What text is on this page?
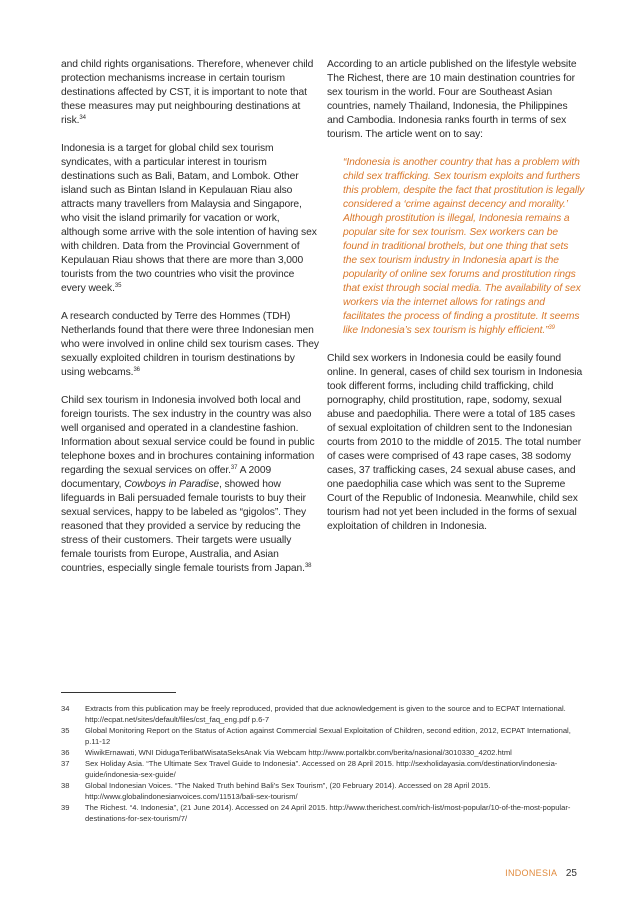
and child rights organisations. Therefore, whenever child protection mechanisms increase in certain tourism destinations affected by CST, it is important to note that these measures may put neighbouring destinations at risk.$^{34}$

Indonesia is a target for global child sex tourism syndicates, with a particular interest in tourism destinations such as Bali, Batam, and Lombok. Other island such as Bintan Island in Kepulauan Riau also attracts many travellers from Malaysia and Singapore, who visit the island primarily for vacation or work, although some arrive with the sole intention of having sex with children. Data from the Provincial Government of Kepulauan Riau shows that there are more than 3,000 tourists from the two countries who visit the province every week.$^{35}$

A research conducted by Terre des Hommes (TDH) Netherlands found that there were three Indonesian men who were involved in online child sex tourism cases. They sexually exploited children in tourism destinations by using webcams.$^{36}$

Child sex tourism in Indonesia involved both local and foreign tourists. The sex industry in the country was also well organised and operated in a clandestine fashion. Information about sexual service could be found in public telephone boxes and in brochures containing information regarding the sexual services on offer.$^{37}$ A 2009 documentary, Cowboys in Paradise, showed how lifeguards in Bali persuaded female tourists to buy their sexual services, happy to be labeled as “gigolos”. They reasoned that they provided a service by reducing the stress of their customers. Their targets were usually female tourists from Europe, Australia, and Asian countries, especially single female tourists from Japan.$^{38}$

According to an article published on the lifestyle website The Richest, there are 10 main destination countries for sex tourism in the world. Four are Southeast Asian countries, namely Thailand, Indonesia, the Philippines and Cambodia. Indonesia ranks fourth in terms of sex tourism. The article went on to say:

“Indonesia is another country that has a problem with child sex trafficking. Sex tourism exploits and furthers this problem, despite the fact that prostitution is legally considered a ‘crime against decency and morality.’ Although prostitution is illegal, Indonesia remains a popular site for sex tourism. Sex workers can be found in traditional brothels, but one thing that sets the sex tourism industry in Indonesia apart is the popularity of online sex forums and prostitution rings that exist through social media. The availability of sex workers via the internet allows for ratings and facilitates the process of finding a prostitute. It seems like Indonesia’s sex tourism is highly efficient.”$^{39}$

Child sex workers in Indonesia could be easily found online. In general, cases of child sex tourism in Indonesia took different forms, including child trafficking, child pornography, child prostitution, rape, sodomy, sexual abuse and paedophilia. There were a total of 185 cases of sexual exploitation of children sent to the Indonesian courts from 2010 to the middle of 2015. The total number of cases were comprised of 43 rape cases, 38 sodomy cases, 37 trafficking cases, 24 sexual abuse cases, and one paedophilia case which was sent to the Supreme Court of the Republic of Indonesia. Meanwhile, child sex tourism had not yet been included in the forms of sexual exploitation of children in Indonesia.

34	Extracts from this publication may be freely reproduced, provided that due acknowledgement is given to the source and to ECPAT International. http://ecpat.net/sites/default/files/cst_faq_eng.pdf p.6-7
35	Global Monitoring Report on the Status of Action against Commercial Sexual Exploitation of Children, second edition, 2012, ECPAT International, p.11-12
36	WiwikErnawati, WNI DidugaTerlibatWisataSeksAnak Via Webcam http://www.portalkbr.com/berita/nasional/3010330_4202.html
37	Sex Holiday Asia. “The Ultimate Sex Travel Guide to Indonesia”. Accessed on 28 April 2015. http://sexholidayasia.com/destination/indonesia-guide/indonesia-sex-guide/
38	Global Indonesian Voices. “The Naked Truth behind Bali’s Sex Tourism”, (20 February 2014). Accessed on 28 April 2015. http://www.globalindonesianvoices.com/11513/bali-sex-tourism/
39	The Richest. “4. Indonesia”, (21 June 2014). Accessed on 24 April 2015. http://www.therichest.com/rich-list/most-popular/10-of-the-most-popular-destinations-for-sex-tourism/7/
INDONESIA 25
